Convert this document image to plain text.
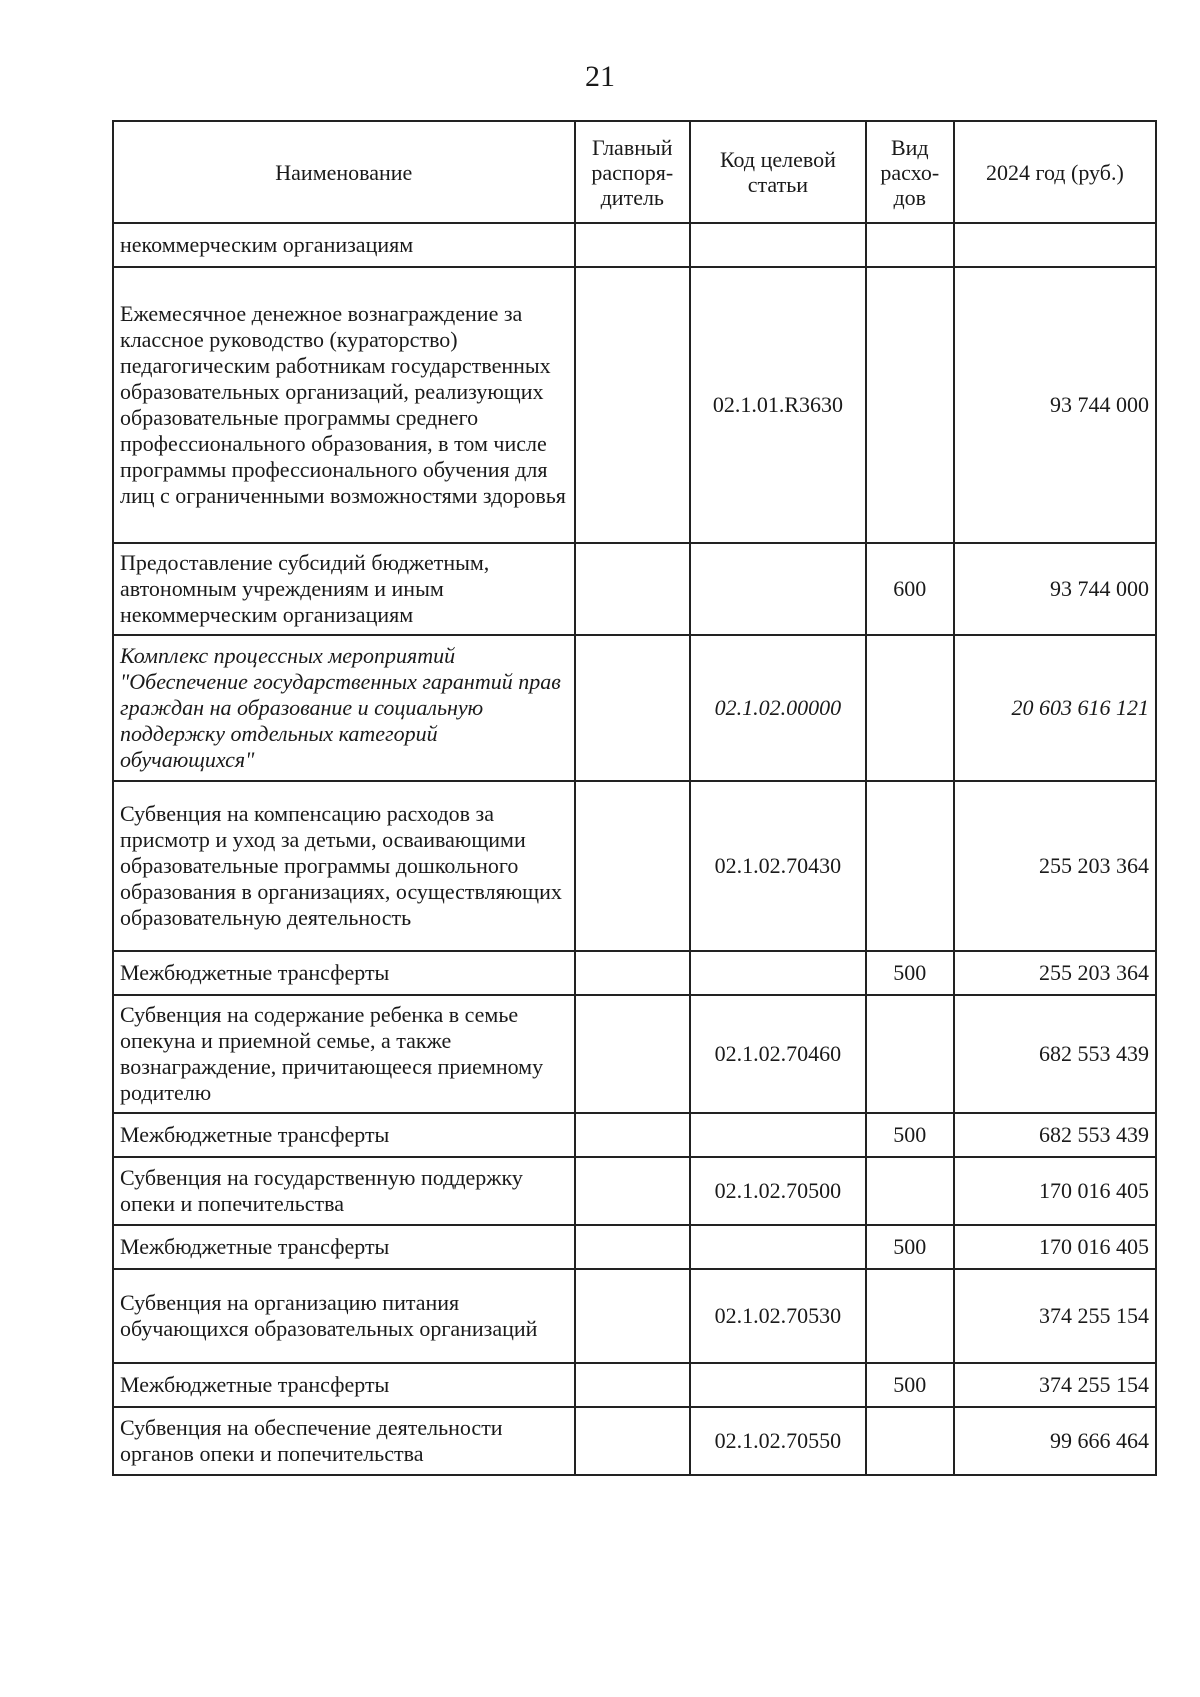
21
Наименование	Главный распоря-дитель	Код целевой статьи	Вид расхо-дов	2024 год (руб.)
некоммерческим организациям				
Ежемесячное денежное вознаграждение за классное руководство (кураторство) педагогическим работникам государственных образовательных организаций, реализующих образовательные программы среднего профессионального образования, в том числе программы профессионального обучения для лиц с ограниченными возможностями здоровья		02.1.01.R3630		93 744 000
Предоставление субсидий бюджетным, автономным учреждениям и иным некоммерческим организациям			600	93 744 000
Комплекс процессных мероприятий "Обеспечение государственных гарантий прав граждан на образование и социальную поддержку отдельных категорий обучающихся"		02.1.02.00000		20 603 616 121
Субвенция на компенсацию расходов за присмотр и уход за детьми, осваивающими образовательные программы дошкольного образования в организациях, осуществляющих образовательную деятельность		02.1.02.70430		255 203 364
Межбюджетные трансферты			500	255 203 364
Субвенция на содержание ребенка в семье опекуна и приемной семье, а также вознаграждение, причитающееся приемному родителю		02.1.02.70460		682 553 439
Межбюджетные трансферты			500	682 553 439
Субвенция на государственную поддержку опеки и попечительства		02.1.02.70500		170 016 405
Межбюджетные трансферты			500	170 016 405
Субвенция на организацию питания обучающихся образовательных организаций		02.1.02.70530		374 255 154
Межбюджетные трансферты			500	374 255 154
Субвенция на обеспечение деятельности органов опеки и попечительства		02.1.02.70550		99 666 464
